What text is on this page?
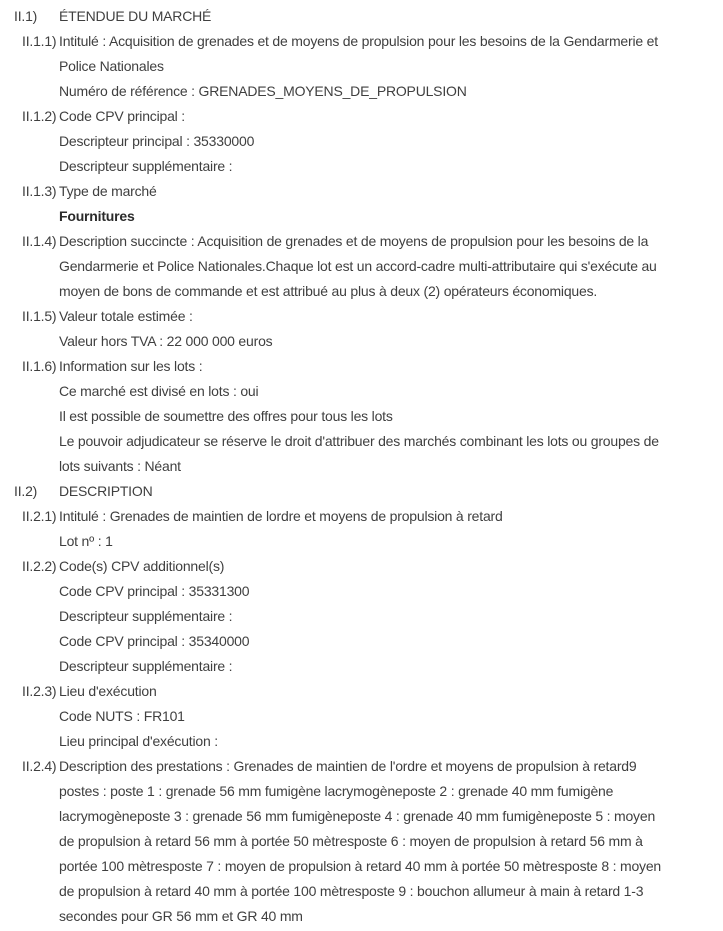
II.1) ÉTENDUE DU MARCHÉ
II.1.1) Intitulé : Acquisition de grenades et de moyens de propulsion pour les besoins de la Gendarmerie et
Police Nationales
Numéro de référence : GRENADES_MOYENS_DE_PROPULSION
II.1.2) Code CPV principal :
Descripteur principal : 35330000
Descripteur supplémentaire :
II.1.3) Type de marché
Fournitures
II.1.4) Description succincte : Acquisition de grenades et de moyens de propulsion pour les besoins de la
Gendarmerie et Police Nationales.Chaque lot est un accord-cadre multi-attributaire qui s'exécute au
moyen de bons de commande et est attribué au plus à deux (2) opérateurs économiques.
II.1.5) Valeur totale estimée :
Valeur hors TVA : 22 000 000 euros
II.1.6) Information sur les lots :
Ce marché est divisé en lots : oui
Il est possible de soumettre des offres pour tous les lots
Le pouvoir adjudicateur se réserve le droit d'attribuer des marchés combinant les lots ou groupes de
lots suivants : Néant
II.2) DESCRIPTION
II.2.1) Intitulé : Grenades de maintien de lordre et moyens de propulsion à retard
Lot nº : 1
II.2.2) Code(s) CPV additionnel(s)
Code CPV principal : 35331300
Descripteur supplémentaire :
Code CPV principal : 35340000
Descripteur supplémentaire :
II.2.3) Lieu d'exécution
Code NUTS : FR101
Lieu principal d'exécution :
II.2.4) Description des prestations : Grenades de maintien de l'ordre et moyens de propulsion à retard9
postes : poste 1 : grenade 56 mm fumigène lacrymogèneposte 2 : grenade 40 mm fumigène
lacrymogèneposte 3 : grenade 56 mm fumigèneposte 4 : grenade 40 mm fumigèneposte 5 : moyen
de propulsion à retard 56 mm à portée 50 mètresposte 6 : moyen de propulsion à retard 56 mm à
portée 100 mètresposte 7 : moyen de propulsion à retard 40 mm à portée 50 mètresposte 8 : moyen
de propulsion à retard 40 mm à portée 100 mètresposte 9 : bouchon allumeur à main à retard 1-3
secondes pour GR 56 mm et GR 40 mm
